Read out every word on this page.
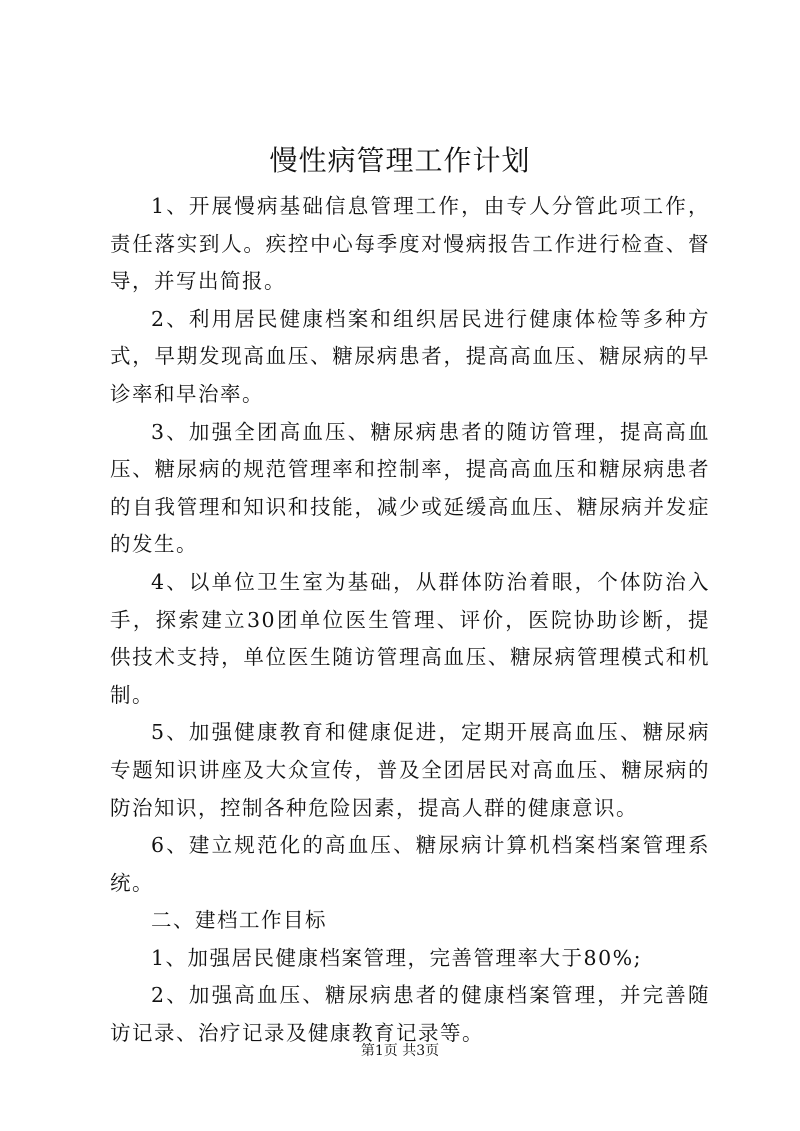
慢性病管理工作计划

1、开展慢病基础信息管理工作，由专人分管此项工作，责任落实到人。疾控中心每季度对慢病报告工作进行检查、督导，并写出简报。

2、利用居民健康档案和组织居民进行健康体检等多种方式，早期发现高血压、糖尿病患者，提高高血压、糖尿病的早诊率和早治率。

3、加强全团高血压、糖尿病患者的随访管理，提高高血压、糖尿病的规范管理率和控制率，提高高血压和糖尿病患者的自我管理和知识和技能，减少或延缓高血压、糖尿病并发症的发生。

4、以单位卫生室为基础，从群体防治着眼，个体防治入手，探索建立30团单位医生管理、评价，医院协助诊断，提供技术支持，单位医生随访管理高血压、糖尿病管理模式和机制。

5、加强健康教育和健康促进，定期开展高血压、糖尿病专题知识讲座及大众宣传，普及全团居民对高血压、糖尿病的防治知识，控制各种危险因素，提高人群的健康意识。

6、建立规范化的高血压、糖尿病计算机档案档案管理系统。

二、建档工作目标

1、加强居民健康档案管理，完善管理率大于80%;

2、加强高血压、糖尿病患者的健康档案管理，并完善随访记录、治疗记录及健康教育记录等。

第1页 共3页
